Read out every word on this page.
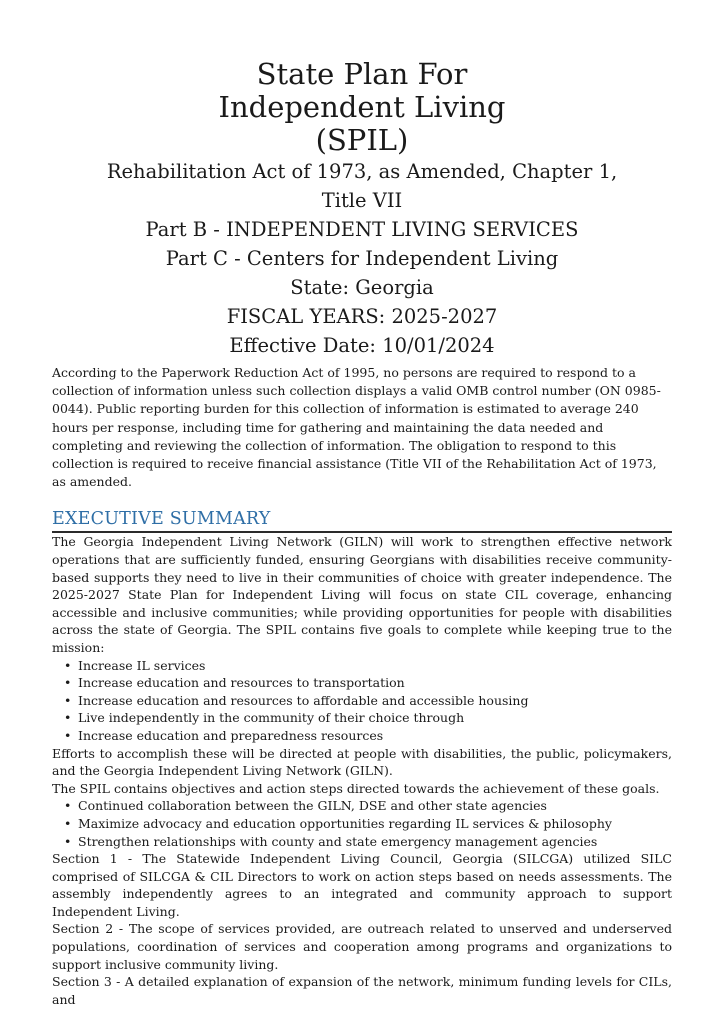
State Plan For
Independent Living
(SPIL)

Rehabilitation Act of 1973, as Amended, Chapter 1,

Title VII

Part B - INDEPENDENT LIVING SERVICES

Part C - Centers for Independent Living

State: Georgia

FISCAL YEARS: 2025-2027

Effective Date: 10/01/2024

According to the Paperwork Reduction Act of 1995, no persons are required to respond to a collection of information unless such collection displays a valid OMB control number (ON 0985-0044). Public reporting burden for this collection of information is estimated to average 240 hours per response, including time for gathering and maintaining the data needed and completing and reviewing the collection of information. The obligation to respond to this collection is required to receive financial assistance (Title VII of the Rehabilitation Act of 1973, as amended.

EXECUTIVE SUMMARY

The Georgia Independent Living Network (GILN) will work to strengthen effective network operations that are sufficiently funded, ensuring Georgians with disabilities receive community-based supports they need to live in their communities of choice with greater independence. The 2025-2027 State Plan for Independent Living will focus on state CIL coverage, enhancing accessible and inclusive communities; while providing opportunities for people with disabilities across the state of Georgia. The SPIL contains five goals to complete while keeping true to the mission:

• Increase IL services
• Increase education and resources to transportation
• Increase education and resources to affordable and accessible housing
• Live independently in the community of their choice through
• Increase education and preparedness resources

Efforts to accomplish these will be directed at people with disabilities, the public, policymakers, and the Georgia Independent Living Network (GILN).

The SPIL contains objectives and action steps directed towards the achievement of these goals.

• Continued collaboration between the GILN, DSE and other state agencies
• Maximize advocacy and education opportunities regarding IL services & philosophy
• Strengthen relationships with county and state emergency management agencies

Section 1 - The Statewide Independent Living Council, Georgia (SILCGA) utilized SILC comprised of SILCGA & CIL Directors to work on action steps based on needs assessments. The assembly independently agrees to an integrated and community approach to support Independent Living.

Section 2 - The scope of services provided, are outreach related to unserved and underserved populations, coordination of services and cooperation among programs and organizations to support inclusive community living.

Section 3 - A detailed explanation of expansion of the network, minimum funding levels for CILs, and
